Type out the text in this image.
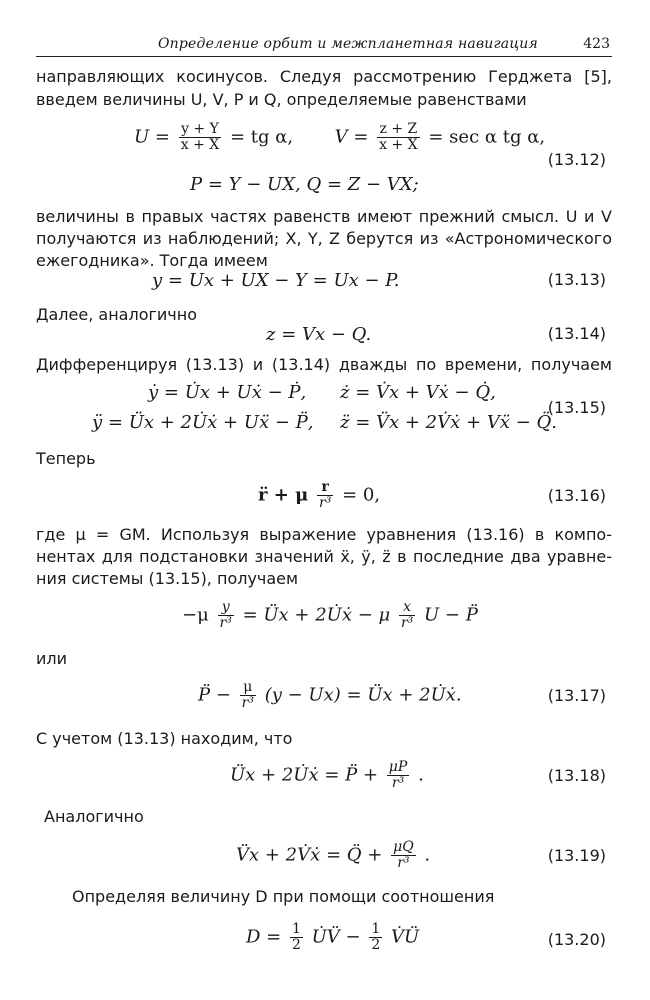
Определение орбит и межпланетная навигация	423
направляющих косинусов. Следуя рассмотрению Герджета [5],
введем величины U, V, P и Q, определяемые равенствами
$U = \frac{y + Y}{x + X}$ = tg α, $V = \frac{z + Z}{x + X} = \sec \alpha$ tg α,
(13.12)
P = Y − UX, Q = Z − VX;
величины в правых частях равенств имеют прежний смысл. U и V
получаются из наблюдений; X, Y, Z берутся из «Астрономического
ежегодника». Тогда имеем
y = Ux + UX − Y = Ux − P.	(13.13)
Далее, аналогично
z = Vx − Q.	(13.14)
Дифференцируя (13.13) и (13.14) дважды по времени, получаем
ẏ = U̇x + Uẋ − Ṗ, ż = V̇x + Vẋ − Q̇,
ÿ = Üx + 2U̇ẋ + Uẍ − P̈, z̈ = V̈x + 2V̇ẋ + Vẍ − Q̈.
(13.15)
Теперь
r̈ + μ $\frac{r}{\text{r³}} = 0$,	(13.16)
где μ = GM. Используя выражение уравнения (13.16) в компо-
нентах для подстановки значений ẍ, ÿ, z̈ в последние два уравне-
ния системы (13.15), получаем
$-\mu \frac{y}{\text{r³}}$ = Üx + 2U̇ẋ − μ $\frac{x}{\text{r³}}$ U − P̈
или
P̈ − $\frac{\mu}{\text{r³}} (y - Ux)$ = Üx + 2U̇ẋ.	(13.17)
С учетом (13.13) находим, что
Üx + 2U̇ẋ = P̈ + $\frac{\mu P}{\text{r³}}$ .	(13.18)
Аналогично
V̈x + 2V̇ẋ = Q̈ + $\frac{\mu Q}{\text{r³}}$ .	(13.19)
Определяя величину D при помощи соотношения
$D = \frac{1}{2}$ U̇V̈ − $\frac{1}{2}$ V̇Ü	(13.20)
